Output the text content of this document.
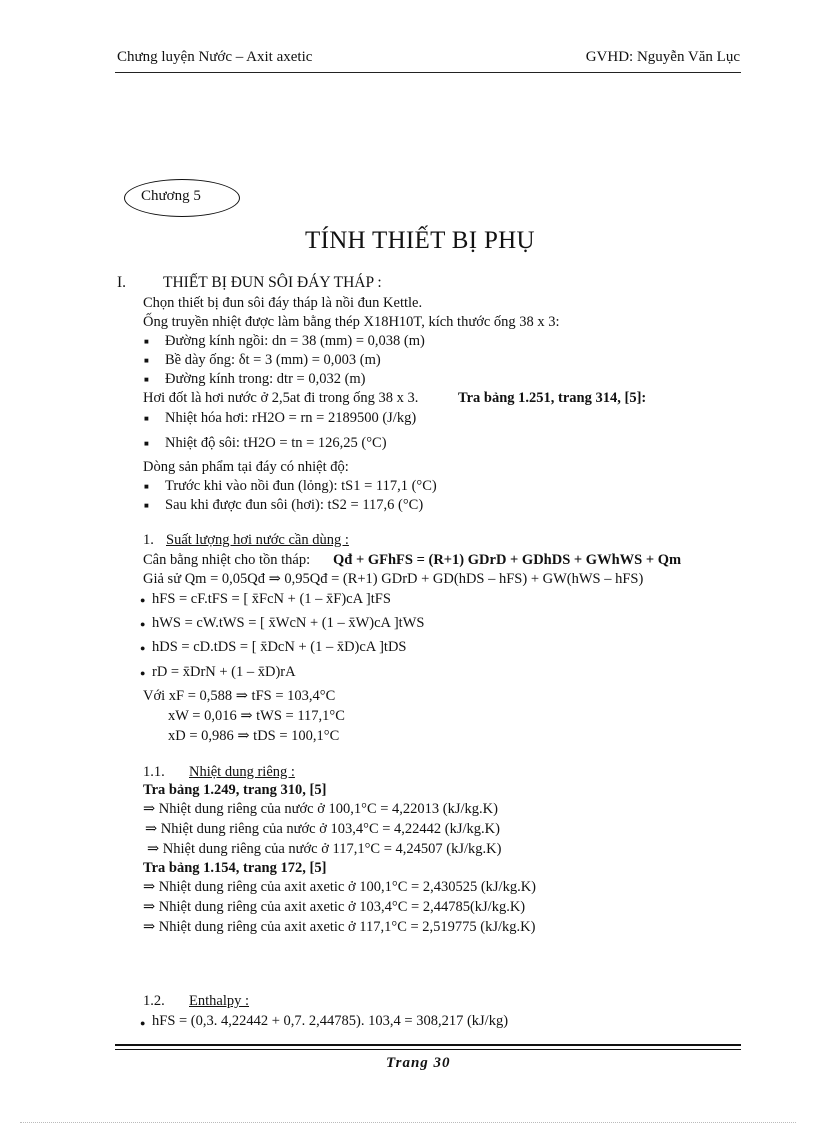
Chưng luyện Nước – Axit axetic	GVHD: Nguyễn Văn Lục
Chương 5
TÍNH THIẾT BỊ PHỤ
I. THIẾT BỊ ĐUN SÔI ĐÁY THÁP :
Chọn thiết bị đun sôi đáy tháp là nồi đun Kettle.
Ống truyền nhiệt được làm bằng thép X18H10T, kích thước ống 38 x 3:
■ Đường kính ngồi: dn = 38 (mm) = 0,038 (m)
■ Bề dày ống: δt = 3 (mm) = 0,003 (m)
■ Đường kính trong: dtr = 0,032 (m)
Hơi đốt là hơi nước ở 2,5at đi trong ống 38 x 3.
■ Nhiệt hóa hơi: rH2O = rn = 2189500 (J/kg)
■ Nhiệt độ sôi: tH2O = tn = 126,25 (°C)
Dòng sản phẩm tại đáy có nhiệt độ:
■ Trước khi vào nồi đun (lỏng): tS1 = 117,1 (°C)
■ Sau khi được đun sôi (hơi): tS2 = 117,6 (°C)
Tra bảng 1.251, trang 314, [5]:
1. Suất lượng hơi nước cần dùng :
Cân bằng nhiệt cho tồn tháp: Qđ + GFhFS = (R+1) GDrD + GDhDS + GWhWS + Qm
Giả sử Qm = 0,05Qđ ⇒ 0,95Qđ = (R+1) GDrD + GD(hDS – hFS) + GW(hWS – hFS)
● hFS = cF.tFS = [ x̄FcN + (1 – x̄F)cA ]tFS
● hWS = cW.tWS = [ x̄WcN + (1 – x̄W)cA ]tWS
● hDS = cD.tDS = [ x̄DcN + (1 – x̄D)cA ]tDS
● rD = x̄DrN + (1 – x̄D)rA
Với xF = 0,588 ⇒ tFS = 103,4°C
xW = 0,016 ⇒ tWS = 117,1°C
xD = 0,986 ⇒ tDS = 100,1°C
1.1. Nhiệt dung riêng :
Tra bảng 1.249, trang 310, [5]
⇒ Nhiệt dung riêng của nước ở 100,1°C = 4,22013 (kJ/kg.K)
⇒ Nhiệt dung riêng của nước ở 103,4°C = 4,22442 (kJ/kg.K)
⇒ Nhiệt dung riêng của nước ở 117,1°C = 4,24507 (kJ/kg.K)
Tra bảng 1.154, trang 172, [5]
⇒ Nhiệt dung riêng của axit axetic ở 100,1°C = 2,430525 (kJ/kg.K)
⇒ Nhiệt dung riêng của axit axetic ở 103,4°C = 2,44785(kJ/kg.K)
⇒ Nhiệt dung riêng của axit axetic ở 117,1°C = 2,519775 (kJ/kg.K)
1.2. Enthalpy :
● hFS = (0,3. 4,22442 + 0,7. 2,44785). 103,4 = 308,217 (kJ/kg)
Trang 30
